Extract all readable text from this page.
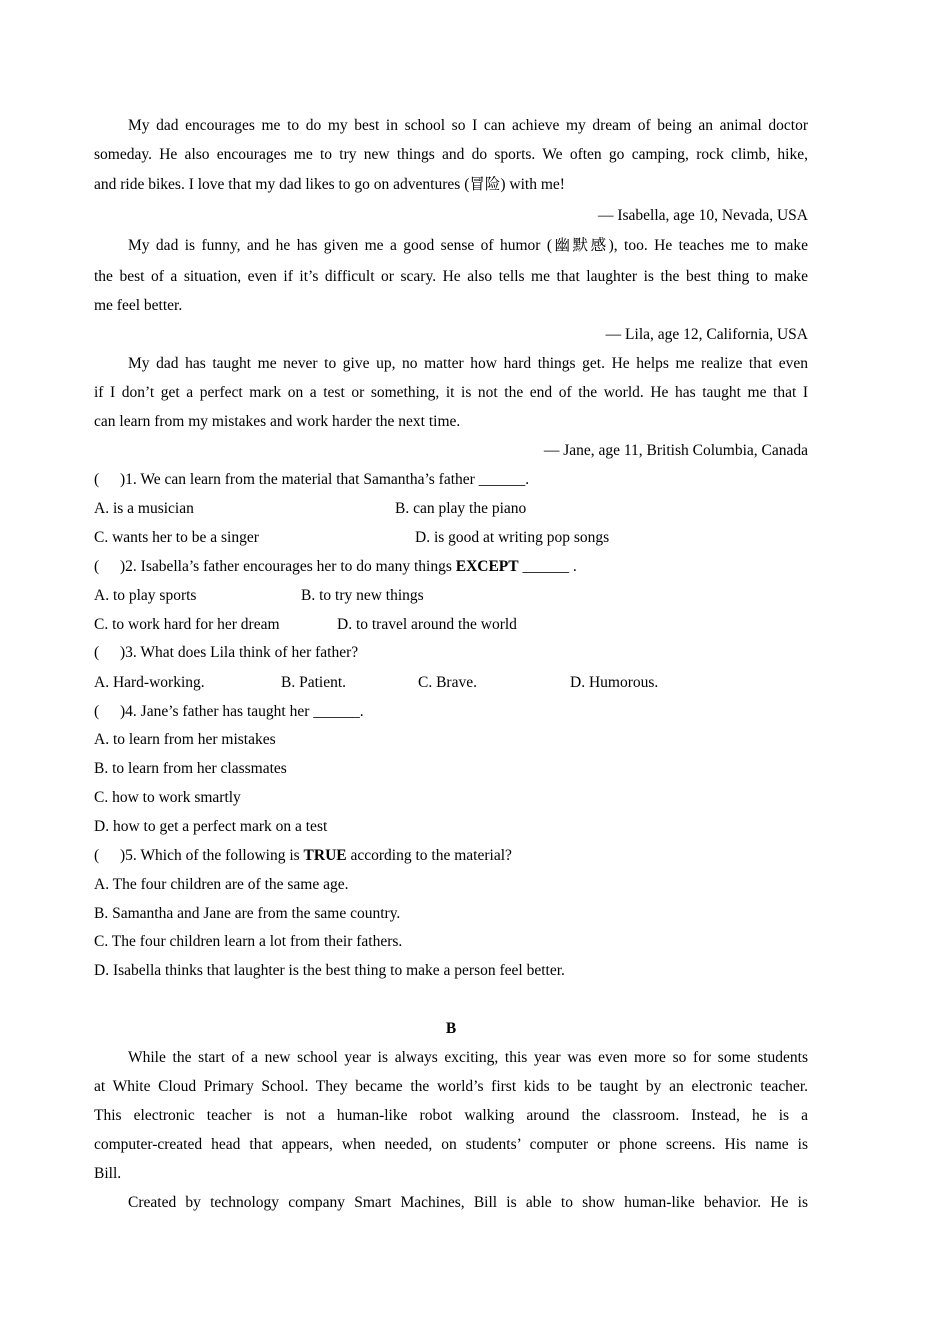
My dad encourages me to do my best in school so I can achieve my dream of being an animal doctor
someday. He also encourages me to try new things and do sports. We often go camping, rock climb, hike,
and ride bikes. I love that my dad likes to go on adventures (冒险) with me!
— Isabella, age 10, Nevada, USA
My dad is funny, and he has given me a good sense of humor (幽默感), too. He teaches me to make
the best of a situation, even if it’s difficult or scary. He also tells me that laughter is the best thing to make
me feel better.
— Lila, age 12, California, USA
My dad has taught me never to give up, no matter how hard things get. He helps me realize that even
if I don’t get a perfect mark on a test or something, it is not the end of the world. He has taught me that I
can learn from my mistakes and work harder the next time.
— Jane, age 11, British Columbia, Canada
(	)1. We can learn from the material that Samantha’s father ______.
A. is a musician	B. can play the piano
C. wants her to be a singer	D. is good at writing pop songs
(	)2. Isabella’s father encourages her to do many things EXCEPT ______ .
A. to play sports	B. to try new things
C. to work hard for her dream	D. to travel around the world
(	)3. What does Lila think of her father?
A. Hard-working.	B. Patient.	C. Brave.	D. Humorous.
(	)4. Jane’s father has taught her ______.
A. to learn from her mistakes
B. to learn from her classmates
C. how to work smartly
D. how to get a perfect mark on a test
(	)5. Which of the following is TRUE according to the material?
A. The four children are of the same age.
B. Samantha and Jane are from the same country.
C. The four children learn a lot from their fathers.
D. Isabella thinks that laughter is the best thing to make a person feel better.
B
While the start of a new school year is always exciting, this year was even more so for some students
at White Cloud Primary School. They became the world’s first kids to be taught by an electronic teacher.
This electronic teacher is not a human-like robot walking around the classroom. Instead, he is a
computer-created head that appears, when needed, on students’ computer or phone screens. His name is
Bill.
Created by technology company Smart Machines, Bill is able to show human-like behavior. He is
